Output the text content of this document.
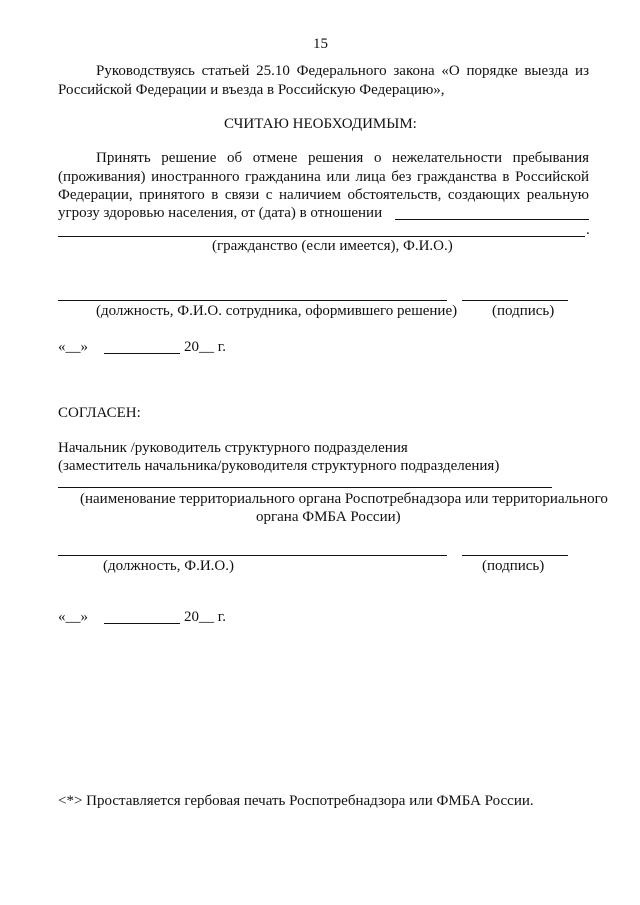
15
Руководствуясь статьей 25.10 Федерального закона «О порядке выезда из
Российской Федерации и въезда в Российскую Федерацию»,
СЧИТАЮ НЕОБХОДИМЫМ:
Принять решение об отмене решения о нежелательности пребывания
(проживания) иностранного гражданина или лица без гражданства в Российской
Федерации, принятого в связи с наличием обстоятельств, создающих реальную
угрозу здоровью населения, от (дата) в отношении
.
(гражданство (если имеется), Ф.И.О.)
(должность, Ф.И.О. сотрудника, оформившего решение) (подпись)
«__»	20__ г.
СОГЛАСЕН:
Начальник /руководитель структурного подразделения
(заместитель начальника/руководителя структурного подразделения)
(наименование территориального органа Роспотребнадзора или территориального
органа ФМБА России)
(должность, Ф.И.О.)	(подпись)
«__»	20__ г.
<*> Проставляется гербовая печать Роспотребнадзора или ФМБА России.
